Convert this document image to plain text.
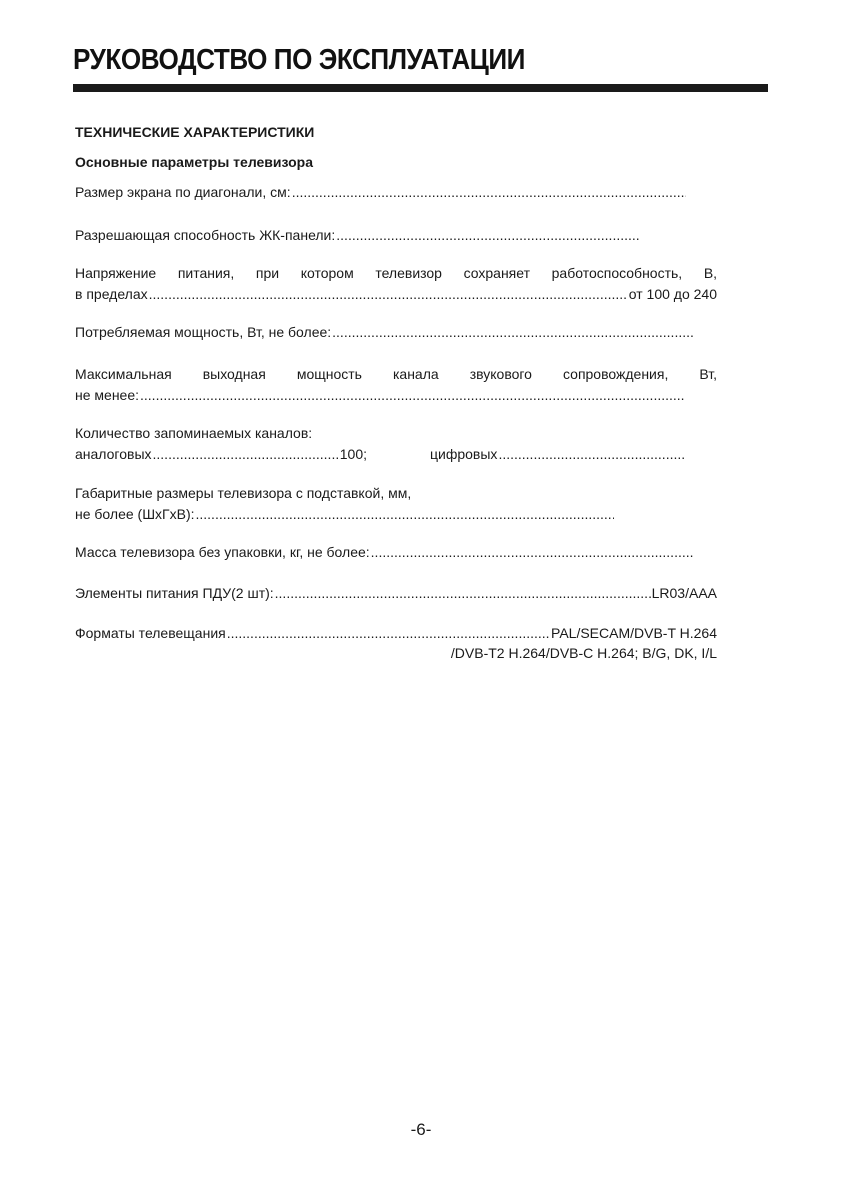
РУКОВОДСТВО ПО ЭКСПЛУАТАЦИИ
ТЕХНИЧЕСКИЕ ХАРАКТЕРИСТИКИ
Основные параметры телевизора
Размер экрана по диагонали, см:
.....
Разрешающая способность ЖК-панели:
.....
Напряжение питания, при котором телевизор сохраняет работоспособность, В,
в пределах .....	от 100 до 240
Потребляемая мощность, Вт, не более:
.....
Максимальная выходная мощность канала звукового сопровождения, Вт,
не менее:
.....
Количество запоминаемых каналов:
аналоговых .....	100;	цифровых
.....
Габаритные размеры телевизора с подставкой, мм,
не более (ШхГхВ):
.....
Масса телевизора без упаковки, кг, не более:
.....
Элементы питания ПДУ(2 шт): .....	LR03/AAA
Форматы телевещания .....	PAL/SECAM/DVB-T H.264
/DVB-T2 H.264/DVB-C H.264; B/G, DK, I/L
-6-
